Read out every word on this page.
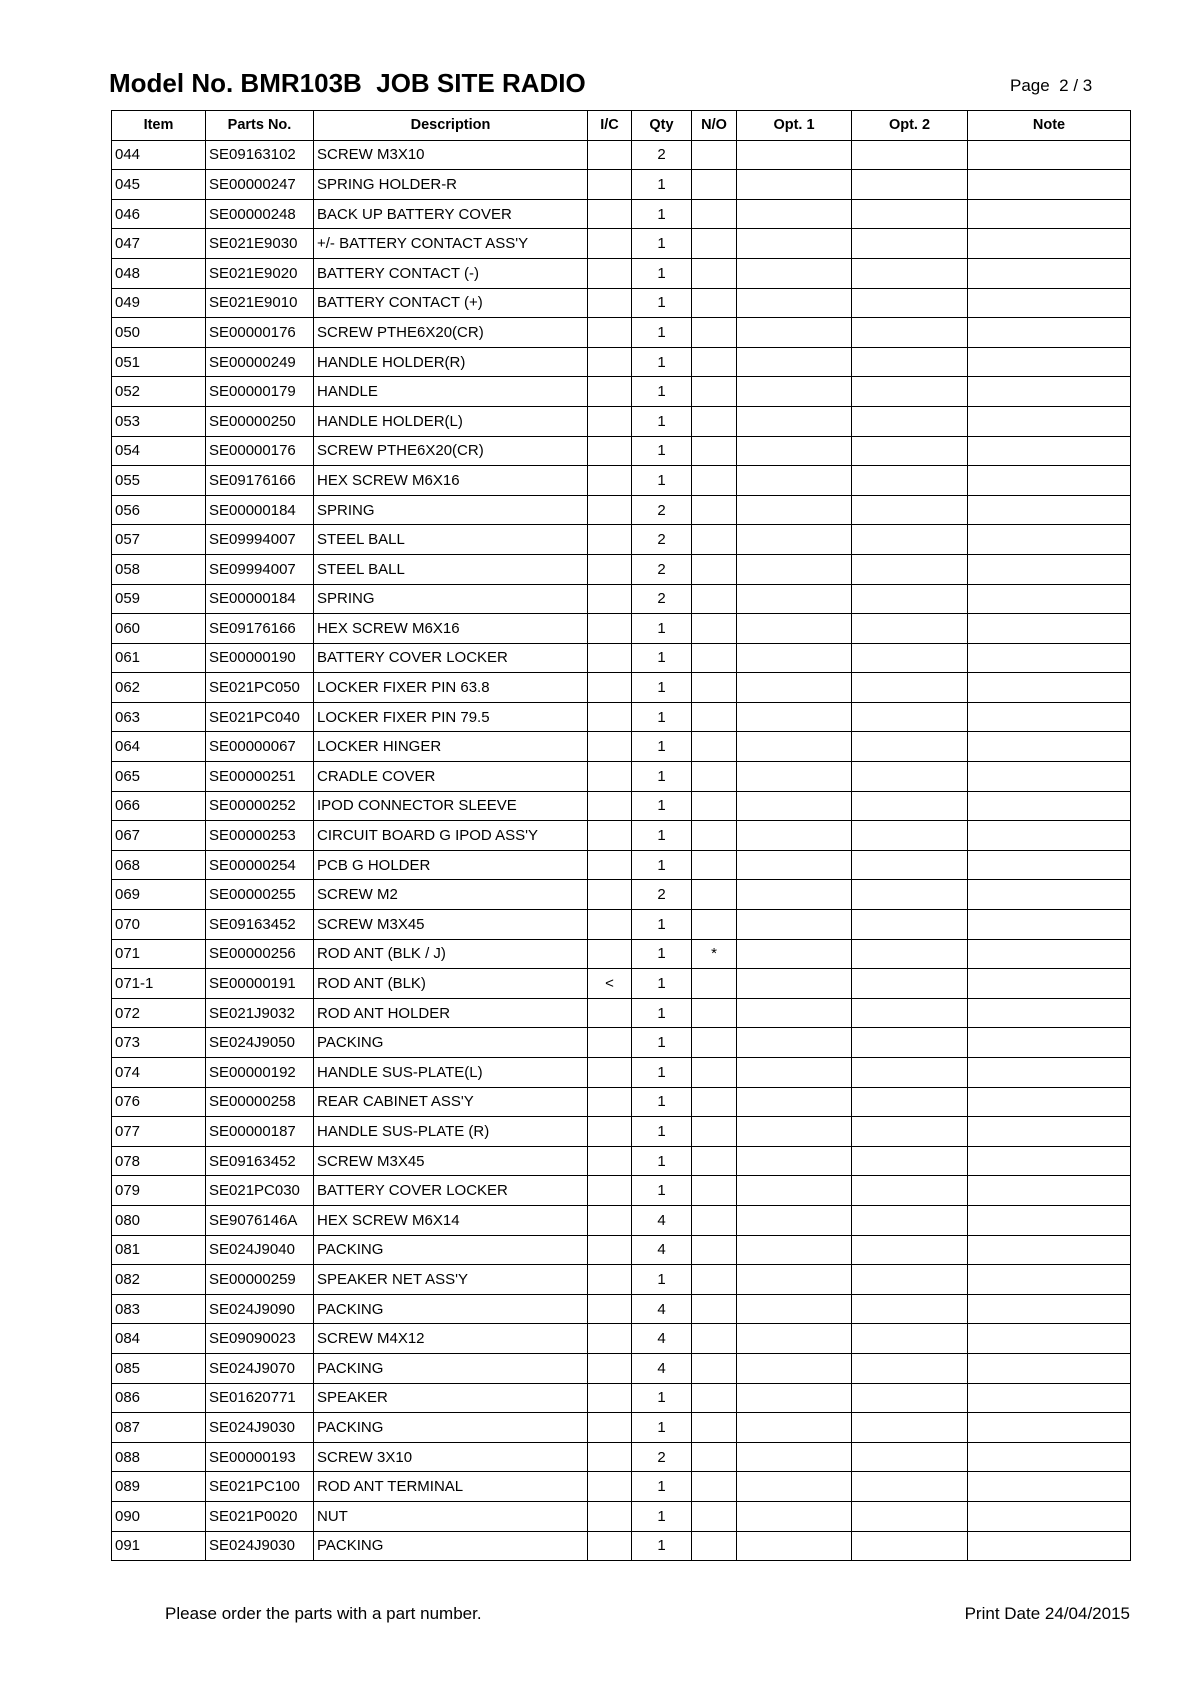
Model No. BMR103B  JOB SITE RADIO	Page  2 / 3
Item	Parts No.	Description	I/C	Qty	N/O	Opt. 1	Opt. 2	Note
044	SE09163102	SCREW M3X10		2				
045	SE00000247	SPRING HOLDER-R		1				
046	SE00000248	BACK UP BATTERY COVER		1				
047	SE021E9030	+/- BATTERY CONTACT ASS'Y		1				
048	SE021E9020	BATTERY CONTACT (-)		1				
049	SE021E9010	BATTERY CONTACT (+)		1				
050	SE00000176	SCREW PTHE6X20(CR)		1				
051	SE00000249	HANDLE HOLDER(R)		1				
052	SE00000179	HANDLE		1				
053	SE00000250	HANDLE HOLDER(L)		1				
054	SE00000176	SCREW PTHE6X20(CR)		1				
055	SE09176166	HEX SCREW M6X16		1				
056	SE00000184	SPRING		2				
057	SE09994007	STEEL BALL		2				
058	SE09994007	STEEL BALL		2				
059	SE00000184	SPRING		2				
060	SE09176166	HEX SCREW M6X16		1				
061	SE00000190	BATTERY COVER LOCKER		1				
062	SE021PC050	LOCKER FIXER PIN 63.8		1				
063	SE021PC040	LOCKER FIXER PIN 79.5		1				
064	SE00000067	LOCKER HINGER		1				
065	SE00000251	CRADLE COVER		1				
066	SE00000252	IPOD CONNECTOR SLEEVE		1				
067	SE00000253	CIRCUIT BOARD G IPOD ASS'Y		1				
068	SE00000254	PCB G HOLDER		1				
069	SE00000255	SCREW M2		2				
070	SE09163452	SCREW M3X45		1				
071	SE00000256	ROD ANT (BLK / J)		1	*			
071-1	SE00000191	ROD ANT (BLK)	<	1				
072	SE021J9032	ROD ANT HOLDER		1				
073	SE024J9050	PACKING		1				
074	SE00000192	HANDLE SUS-PLATE(L)		1				
076	SE00000258	REAR CABINET ASS'Y		1				
077	SE00000187	HANDLE SUS-PLATE (R)		1				
078	SE09163452	SCREW M3X45		1				
079	SE021PC030	BATTERY COVER LOCKER		1				
080	SE9076146A	HEX SCREW M6X14		4				
081	SE024J9040	PACKING		4				
082	SE00000259	SPEAKER NET ASS'Y		1				
083	SE024J9090	PACKING		4				
084	SE09090023	SCREW M4X12		4				
085	SE024J9070	PACKING		4				
086	SE01620771	SPEAKER		1				
087	SE024J9030	PACKING		1				
088	SE00000193	SCREW 3X10		2				
089	SE021PC100	ROD ANT TERMINAL		1				
090	SE021P0020	NUT		1				
091	SE024J9030	PACKING		1				
Please order the parts with a part number.	Print Date 24/04/2015
